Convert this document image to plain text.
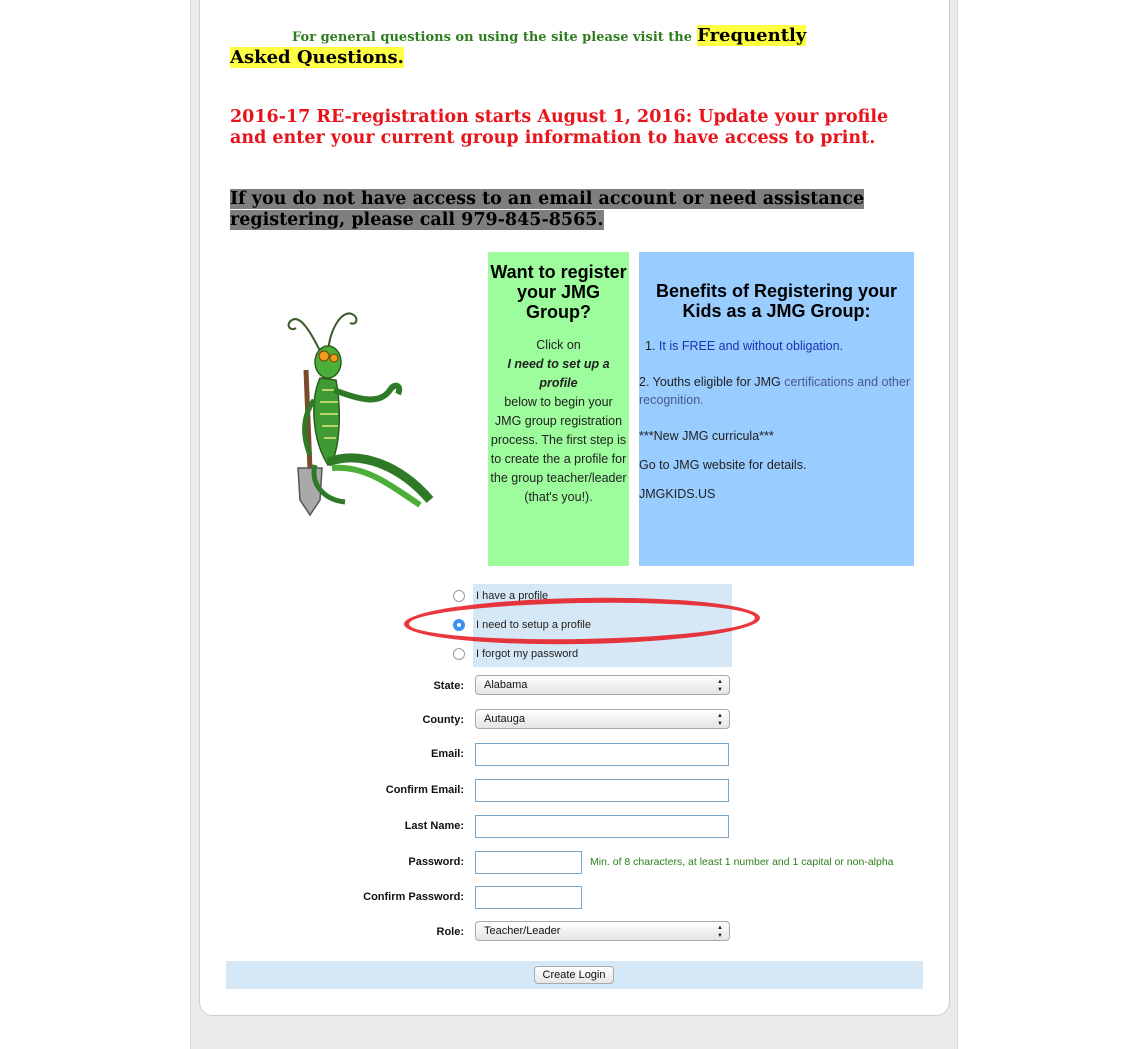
For general questions on using the site please visit the Frequently Asked Questions.
2016-17 RE-registration starts August 1, 2016: Update your profile and enter your current group information to have access to print.
If you do not have access to an email account or need assistance registering, please call 979-845-8565.
Want to register your JMG Group?

Click on
I need to set up a profile
below to begin your JMG group registration process. The first step is to create the a profile for the group teacher/leader (that's you!).

Benefits of Registering your Kids as a JMG Group:
1. It is FREE and without obligation.
2. Youths eligible for JMG certifications and other recognition.
***New JMG curricula***
Go to JMG website for details.
JMGKIDS.US
I have a profile
I need to setup a profile
I forgot my password
State:	Alabama	▲
▼
County:	Autauga	▲
▼
Email:
Confirm Email:
Last Name:
Password:	Min. of 8 characters, at least 1 number and 1 capital or non-alpha
Confirm Password:
Role:	Teacher/Leader	▲
▼
Create Login
